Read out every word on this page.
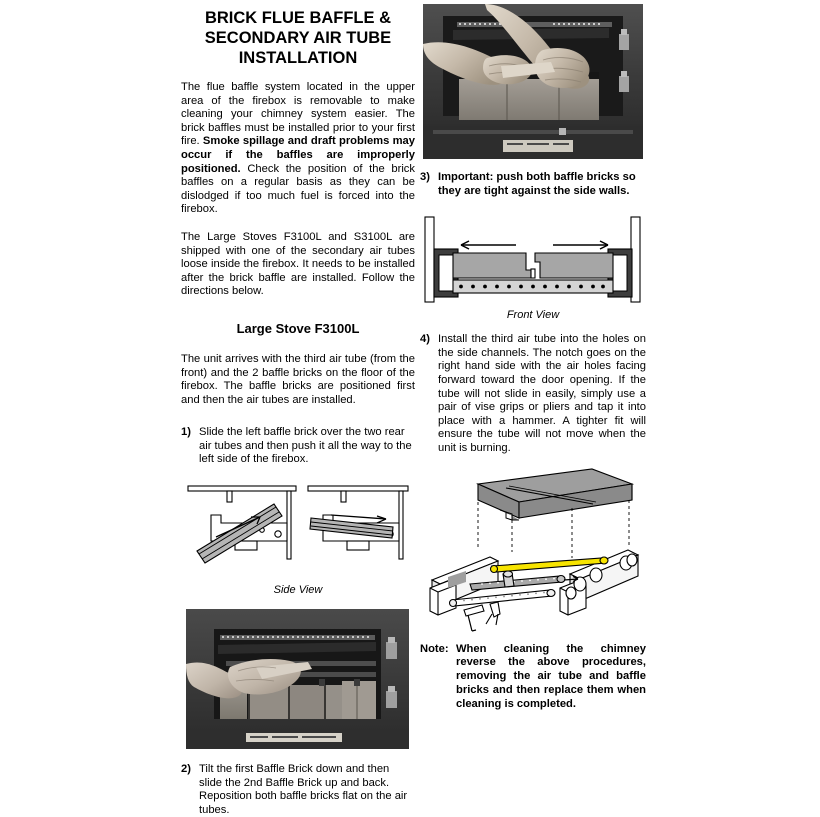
BRICK FLUE BAFFLE &
SECONDARY AIR TUBE
INSTALLATION

The flue baffle system located in the upper area of the firebox is removable to make cleaning your chimney system easier. The brick baffles must be installed prior to your first fire. Smoke spillage and draft problems may occur if the baffles are improperly positioned. Check the position of the brick baffles on a regular basis as they can be dislodged if too much fuel is forced into the firebox.

The Large Stoves F3100L and S3100L are shipped with one of the secondary air tubes loose inside the firebox. It needs to be installed after the brick baffle are installed. Follow the directions below.

Large Stove F3100L

The unit arrives with the third air tube (from the front) and the 2 baffle bricks on the floor of the firebox. The baffle bricks are positioned first and then the air tubes are installed.

1) Slide the left baffle brick over the two rear air tubes and then push it all the way to the left side of the firebox.
Side View
2) Tilt the first Baffle Brick down and then slide the 2nd Baffle Brick up and back. Reposition both baffle bricks flat on the air tubes.
3) Important: push both baffle bricks so they are tight against the side walls.
Front View
4) Install the third air tube into the holes on the side channels. The notch goes on the right hand side with the air holes facing forward toward the door opening. If the tube will not slide in easily, simply use a pair of vise grips or pliers and tap it into place with a hammer. A tighter fit will ensure the tube will not move when the unit is burning.
Note: When cleaning the chimney reverse the above procedures, removing the air tube and baffle bricks and then replace them when cleaning is completed.
